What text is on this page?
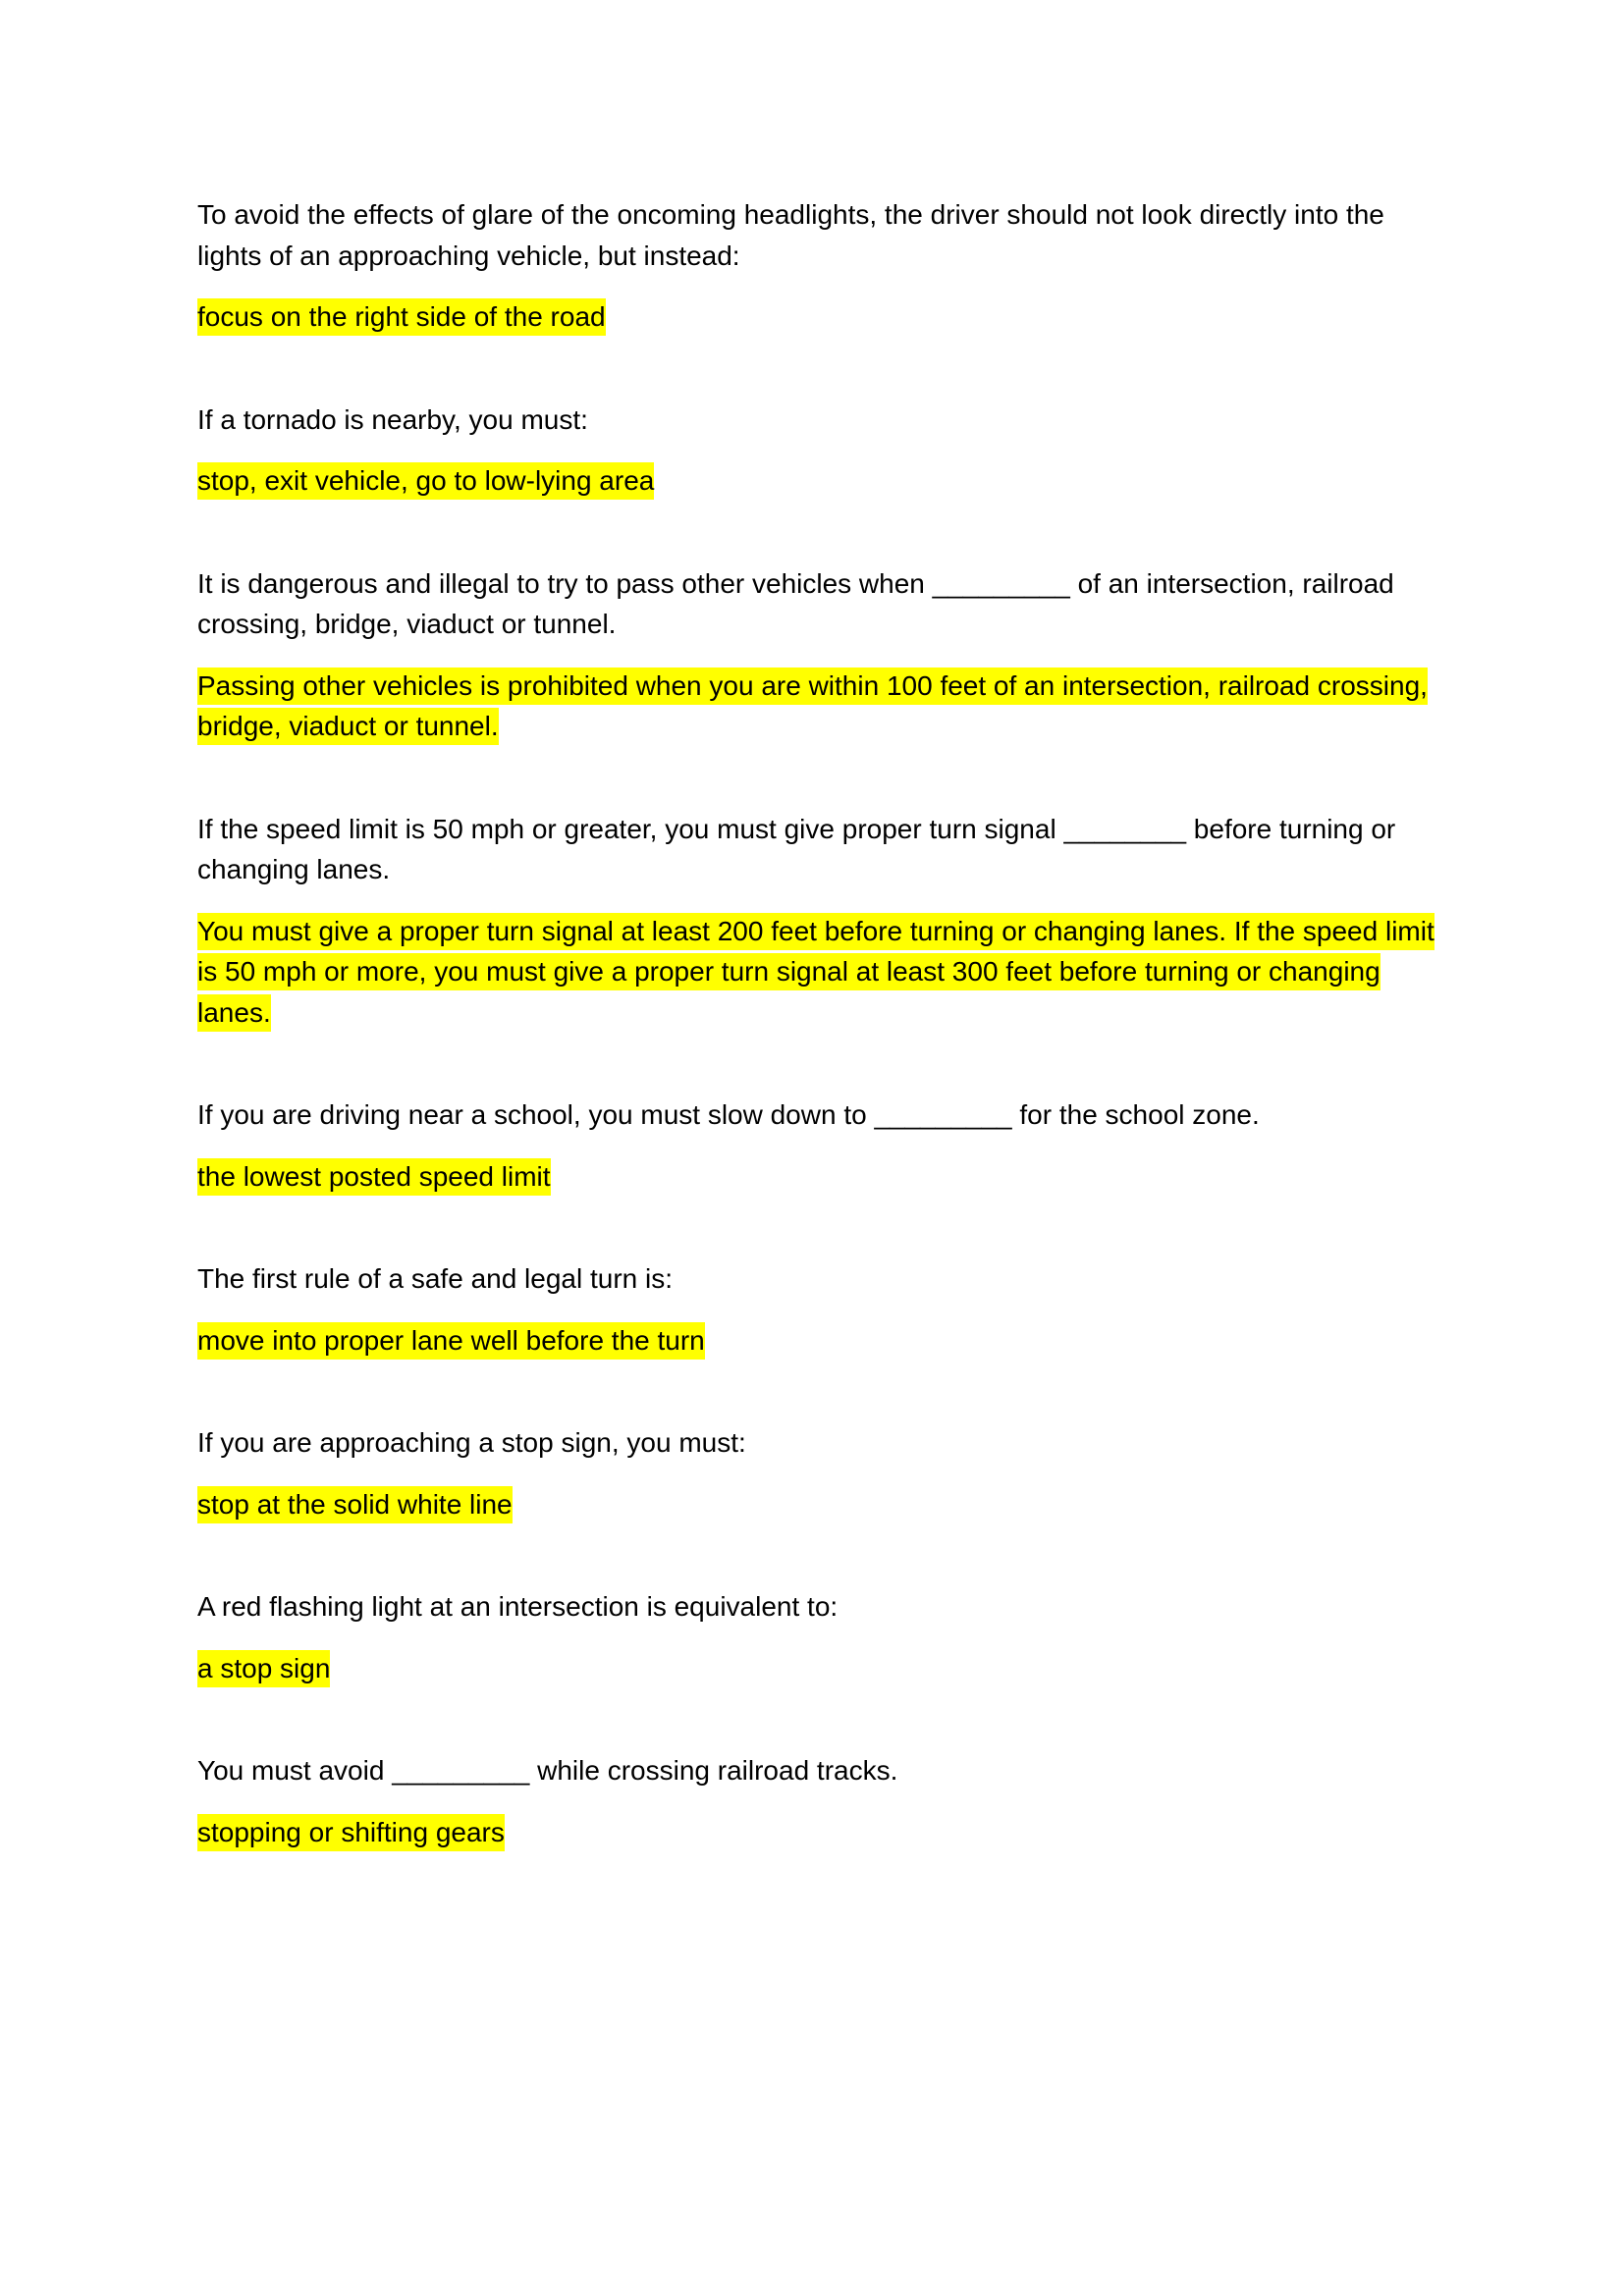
To avoid the effects of glare of the oncoming headlights, the driver should not look directly into the lights of an approaching vehicle, but instead:

focus on the right side of the road

If a tornado is nearby, you must:

stop, exit vehicle, go to low-lying area

It is dangerous and illegal to try to pass other vehicles when _________ of an intersection, railroad crossing, bridge, viaduct or tunnel.

Passing other vehicles is prohibited when you are within 100 feet of an intersection, railroad crossing, bridge, viaduct or tunnel.

If the speed limit is 50 mph or greater, you must give proper turn signal ________ before turning or changing lanes.

You must give a proper turn signal at least 200 feet before turning or changing lanes. If the speed limit is 50 mph or more, you must give a proper turn signal at least 300 feet before turning or changing lanes.

If you are driving near a school, you must slow down to _________ for the school zone.

the lowest posted speed limit

The first rule of a safe and legal turn is:

move into proper lane well before the turn

If you are approaching a stop sign, you must:

stop at the solid white line

A red flashing light at an intersection is equivalent to:

a stop sign

You must avoid _________ while crossing railroad tracks.

stopping or shifting gears
